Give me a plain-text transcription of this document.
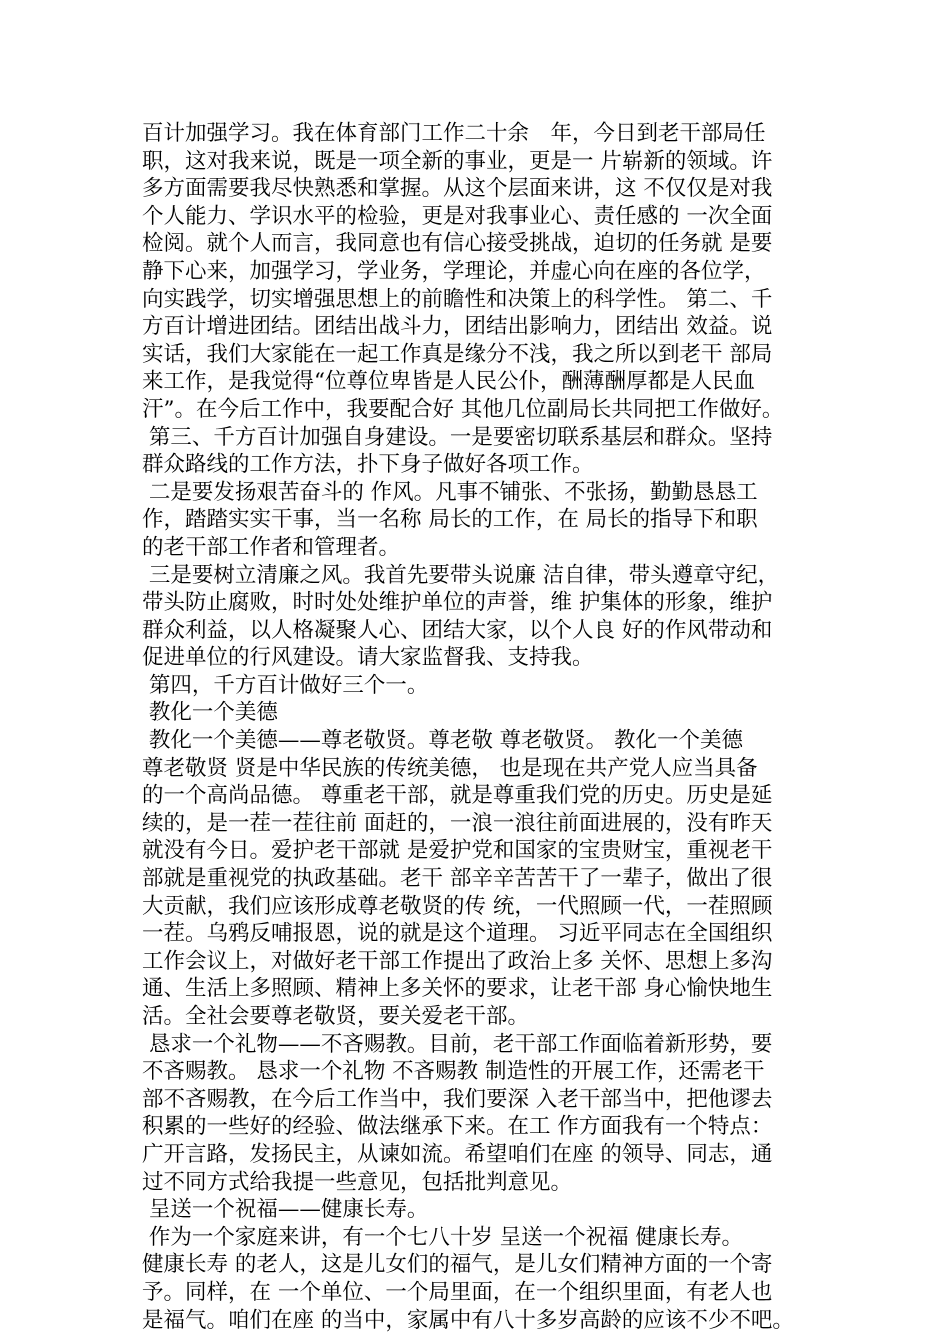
百计加强学习。我在体育部门工作二十余　年，今日到老干部局任
职，这对我来说，既是一项全新的事业，更是一 片崭新的领域。许
多方面需要我尽快熟悉和掌握。从这个层面来讲，这 不仅仅是对我
个人能力、学识水平的检验，更是对我事业心、责任感的 一次全面
检阅。就个人而言，我同意也有信心接受挑战，迫切的任务就 是要
静下心来，加强学习，学业务，学理论，并虚心向在座的各位学，
向实践学，切实增强思想上的前瞻性和决策上的科学性。 第二、千
方百计增进团结。团结出战斗力，团结出影响力，团结出 效益。说
实话，我们大家能在一起工作真是缘分不浅，我之所以到老干 部局
来工作，是我觉得“位尊位卑皆是人民公仆，酬薄酬厚都是人民血
汗”。在今后工作中，我要配合好 其他几位副局长共同把工作做好。
第三、千方百计加强自身建设。一是要密切联系基层和群众。坚持
群众路线的工作方法，扑下身子做好各项工作。
二是要发扬艰苦奋斗的 作风。凡事不铺张、不张扬，勤勤恳恳工
作，踏踏实实干事，当一名称 局长的工作，在 局长的指导下和职
的老干部工作者和管理者。
三是要树立清廉之风。我首先要带头说廉 洁自律，带头遵章守纪，
带头防止腐败，时时处处维护单位的声誉，维 护集体的形象，维护
群众利益，以人格凝聚人心、团结大家，以个人良 好的作风带动和
促进单位的行风建设。请大家监督我、支持我。
第四，千方百计做好三个一。
教化一个美德
教化一个美德——尊老敬贤。尊老敬 尊老敬贤。 教化一个美德
尊老敬贤 贤是中华民族的传统美德， 也是现在共产党人应当具备
的一个高尚品德。 尊重老干部，就是尊重我们党的历史。历史是延
续的，是一茬一茬往前 面赶的，一浪一浪往前面进展的，没有昨天
就没有今日。爱护老干部就 是爱护党和国家的宝贵财宝，重视老干
部就是重视党的执政基础。老干 部辛辛苦苦干了一辈子，做出了很
大贡献，我们应该形成尊老敬贤的传 统，一代照顾一代，一茬照顾
一茬。乌鸦反哺报恩，说的就是这个道理。 习近平同志在全国组织
工作会议上，对做好老干部工作提出了政治上多 关怀、思想上多沟
通、生活上多照顾、精神上多关怀的要求，让老干部 身心愉快地生
活。全社会要尊老敬贤，要关爱老干部。
恳求一个礼物——不吝赐教。目前，老干部工作面临着新形势，要
不吝赐教。 恳求一个礼物 不吝赐教 制造性的开展工作，还需老干
部不吝赐教，在今后工作当中，我们要深 入老干部当中，把他谬去
积累的一些好的经验、做法继承下来。在工 作方面我有一个特点：
广开言路，发扬民主，从谏如流。希望咱们在座 的领导、同志，通
过不同方式给我提一些意见，包括批判意见。
呈送一个祝福——健康长寿。
作为一个家庭来讲，有一个七八十岁 呈送一个祝福 健康长寿。
健康长寿 的老人，这是儿女们的福气，是儿女们精神方面的一个寄
予。同样，在 一个单位、一个局里面，在一个组织里面，有老人也
是福气。咱们在座 的当中，家属中有八十多岁高龄的应该不少不吧。
